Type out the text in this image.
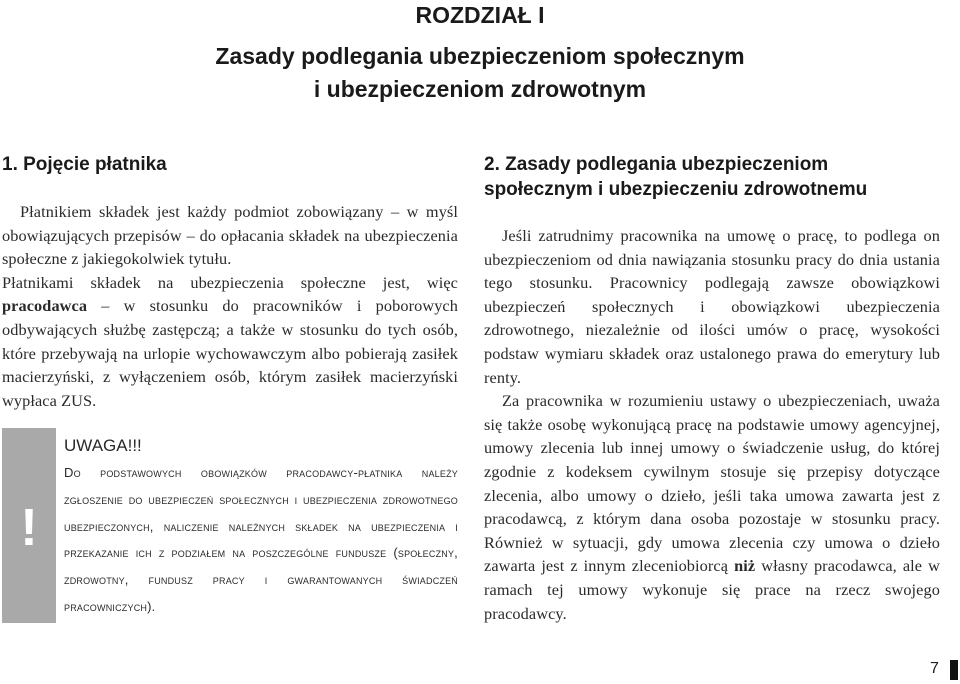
ROZDZIAŁ I
Zasady podlegania ubezpieczeniom społecznym
i ubezpieczeniom zdrowotnym
1. Pojęcie płatnika

Płatnikiem składek jest każdy podmiot zobowiązany – w myśl obowiązujących przepisów – do opłacania składek na ubezpieczenia społeczne z jakiegokolwiek tytułu.

Płatnikami składek na ubezpieczenia społeczne jest, więc pracodawca – w stosunku do pracowników i poborowych odbywających służbę zastępczą; a także w stosunku do tych osób, które przebywają na urlopie wychowawczym albo pobierają zasiłek macierzyński, z wyłączeniem osób, którym zasiłek macierzyński wypłaca ZUS.

!
UWAGA!!!
Do podstawowych obowiązków pracodawcy-płatnika należy zgłoszenie do ubezpieczeń społecznych i ubezpieczenia zdrowotnego ubezpieczonych, naliczenie należnych składek na ubezpieczenia i przekazanie ich z podziałem na poszczególne fundusze (społeczny, zdrowotny, fundusz pracy i gwarantowanych świadczeń pracowniczych).
2. Zasady podlegania ubezpieczeniom
społecznym i ubezpieczeniu zdrowotnemu

Jeśli zatrudnimy pracownika na umowę o pracę, to podlega on ubezpieczeniom od dnia nawiązania stosunku pracy do dnia ustania tego stosunku. Pracownicy podlegają zawsze obowiązkowi ubezpieczeń społecznych i obowiązkowi ubezpieczenia zdrowotnego, niezależnie od ilości umów o pracę, wysokości podstaw wymiaru składek oraz ustalonego prawa do emerytury lub renty.

Za pracownika w rozumieniu ustawy o ubezpieczeniach, uważa się także osobę wykonującą pracę na podstawie umowy agencyjnej, umowy zlecenia lub innej umowy o świadczenie usług, do której zgodnie z kodeksem cywilnym stosuje się przepisy dotyczące zlecenia, albo umowy o dzieło, jeśli taka umowa zawarta jest z pracodawcą, z którym dana osoba pozostaje w stosunku pracy. Również w sytuacji, gdy umowa zlecenia czy umowa o dzieło zawarta jest z innym zleceniobiorcą niż własny pracodawca, ale w ramach tej umowy wykonuje się prace na rzecz swojego pracodawcy.

7
